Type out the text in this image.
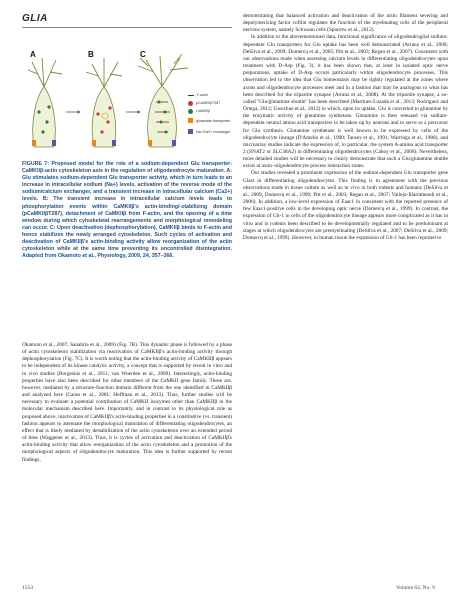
GLIA
A	B	C
F-actin
pCaMKIIβT287
CaMKIIβ
glutamate transporter
Na+/Ca2+ exchanger
FIGURE 7: Proposed model for the role of a sodium-dependent Glu transporter-CaMKIIβ-actin cytoskeleton axis in the regulation of oligodendrocyte maturation. A: Glu stimulates sodium-dependent Glu transporter activity, which in turn leads to an increase in intracellular sodium (Na+) levels, activation of the reverse mode of the sodium/calcium exchanger, and a transient increase in intracellular calcium (Ca2+) levels. B: The transient increase in intracellular calcium levels leads to phosphorylation events within CaMKIIβ's actin-binding/-stabilizing domain (pCaMKIIβT287), detachment of CaMKIIβ from F-actin, and the opening of a time window during which cytoskeletal rearrangements and morphological remodeling can occur. C: Upon deactivation (dephosphorylation), CaMKIIβ binds to F-actin and hence stabilizes the newly arranged cytoskeleton. Such cycles of activation and deactivation of CaMKIIβ's actin-binding activity allow reorganization of the actin cytoskeleton while at the same time preventing its uncontrolled disintegration. Adapted from Okamoto et al., Physiology, 2009, 24, 357–366.

Okamoto et al., 2007; Sanabria et al., 2009) (Fig. 7B). This dynamic phase is followed by a phase of actin cytoskeleton stabilization via reactivation of CaMKIIβ's actin-binding activity through dephosphorylation (Fig. 7C). It is worth noting that the actin-binding activity of CaMKIIβ appears to be independent of its kinase catalytic activity, a concept that is supported by recent in vitro and in vivo studies (Borgesius et al., 2011; van Woerden et al., 2009). Interestingly, actin-binding properties have also been described for other members of the CaMKII gene family. These are, however, mediated by a structure-function domain different from the one identified in CaMKIIβ and analyzed here (Caran et al., 2001; Hoffman et al., 2013). Thus, further studies will be necessary to evaluate a potential contribution of CaMKII isozymes other than CaMKIIβ in the molecular mechanism described here. Importantly, and in contrast to its physiological role as proposed above, inactivation of CaMKIIβ's actin-binding properties in a constitutive (vs. transient) fashion appears to attenuate the morphological maturation of differentiating oligodendrocytes, an effect that is likely mediated by destabilization of the actin cytoskeleton over an extended period of time (Waggener et al., 2013). Thus, it is cycles of activation and deactivation of CaMKIIβ's actin-binding activity that allow reorganization of the actin cytoskeleton and a promotion of the morphological aspects of oligodendrocyte maturation. This idea is further supported by recent findings,

demonstrating that balanced activation and deactivation of the actin filament severing and depolymerizing factor cofilin regulates the function of the myelinating cells of the peripheral nervous system, namely Schwann cells (Sparrow et al., 2012).

In addition to the abovementioned data, functional significance of oligodendroglial sodium-dependent Glu transporters for Glu uptake has been well demonstrated (Arranz et al., 2008; DeSilva et al., 2009; Domercq et al., 2005; Pitt et al., 2003; Regan et al., 2007). Consistent with our observations made when assessing calcium levels in differentiating oligodendrocytes upon treatment with D-Asp (Fig. 3), it has been shown that, at least in isolated optic nerve preparations, uptake of D-Asp occurs particularly within oligodendrocyte processes. This observation led to the idea that Glu homeostasis may be tightly regulated at the zones where axons and oligodendrocyte processes meet and in a fashion that may be analogous to what has been described for the tripartite synapse (Arranz et al., 2008). At the tripartite synapse, a so-called "Glu/glutamine shuttle" has been described (Martinez-Lozada et al., 2013; Rodriguez and Ortega, 2012; Uwechue et al., 2012) in which, upon its uptake, Glu is converted to glutamine by the enzymatic activity of glutamine synthetase. Glutamine is then released via sodium-dependent neutral amino acid transporters to be taken up by neurons and to serve as a precursor for Glu synthesis. Glutamine synthetase is well known to be expressed by cells of the oligodendrocyte lineage (D'Amelio et al., 1990; Tansey et al., 1991; Warringa et al., 1988), and microarray studies indicate the expression of, in particular, the system A-amino acid transporter 2 (SNAT2 or SLC38A2) in differentiating oligodendrocytes (Cahoy et al., 2008). Nevertheless, more detailed studies will be necessary to clearly demonstrate that such a Glu/glutamine shuttle exists at axon–oligodendrocyte process interaction zones.

Our studies revealed a prominent expression of the sodium-dependent Glu transporter gene Glast in differentiating oligodendrocytes. This finding is in agreement with the previous observations made in tissue culture as well as in vivo in both rodents and humans (DeSilva et al., 2009; Domercq et al., 1999; Pitt et al., 2003; Regan et al., 2007; Vallejo-Illarramendi et al., 2006). In addition, a low-level expression of Eaac1 in consistent with the reported presence of few Eaac1-positive cells in the developing optic nerve (Domercq et al., 1999). In contrast, the expression of Glt-1 in cells of the oligodendrocyte lineage appears more complicated as it has in vitro and in rodents been described to be developmentally regulated and to be predominant at stages at which oligodendrocytes are premyelinating (DeSilva et al., 2007; DeSilva et al., 2009; Domercq et al., 1999). However, in human tissue the expression of Glt-1 has been reported to

1554	Volume 62, No. 9
